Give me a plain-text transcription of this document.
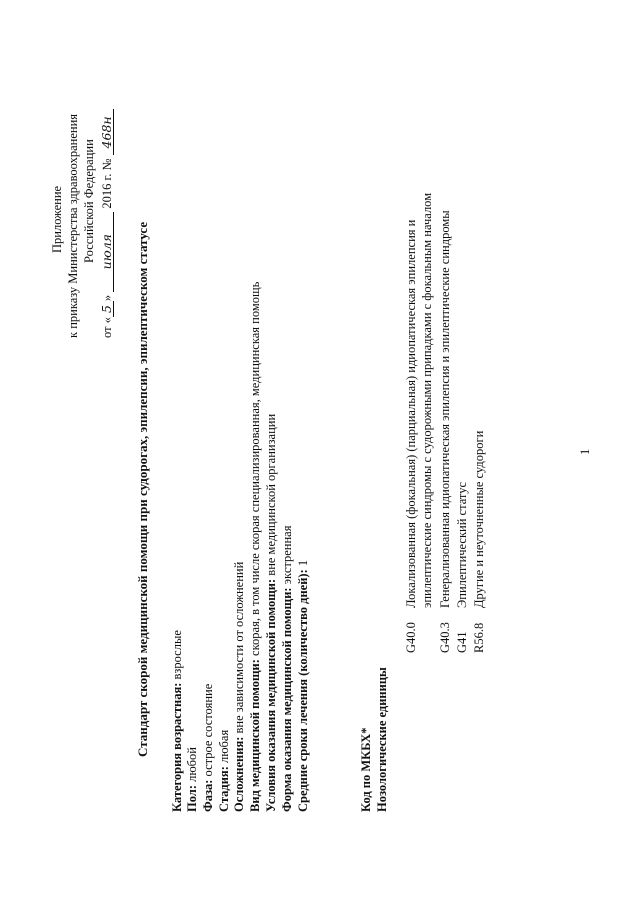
Приложение к приказу Министерства здравоохранения Российской Федерации
от «5» июля 2016 г. № 468н
Стандарт скорой медицинской помощи при судорогах, эпилепсии, эпилептическом статусе Категория возрастная: взрослые
Пол: любой
Фаза: острое состояние
Стадия: любая Осложнения: вне зависимости от осложнений
Вид медицинской помощи: скорая, в том числе скорая специализированная, медицинская помощь
Условия оказания медицинской помощи: вне медицинской организации
Форма оказания медицинской помощи: экстренная
Средние сроки лечения (количество дней): 1
Код по МКБХ* Нозологические единицы
G40.0
Локализованная (фокальная) (парциальная) идиопатическая эпилепсия и эпилептические синдромы с судорожными припадками с фокальным началом
G40.3
Генерализованная идиопатическая эпилепсия и эпилептические синдромы
G41
Эпилептический статус
R56.8
Другие и неуточненные судороги	1
